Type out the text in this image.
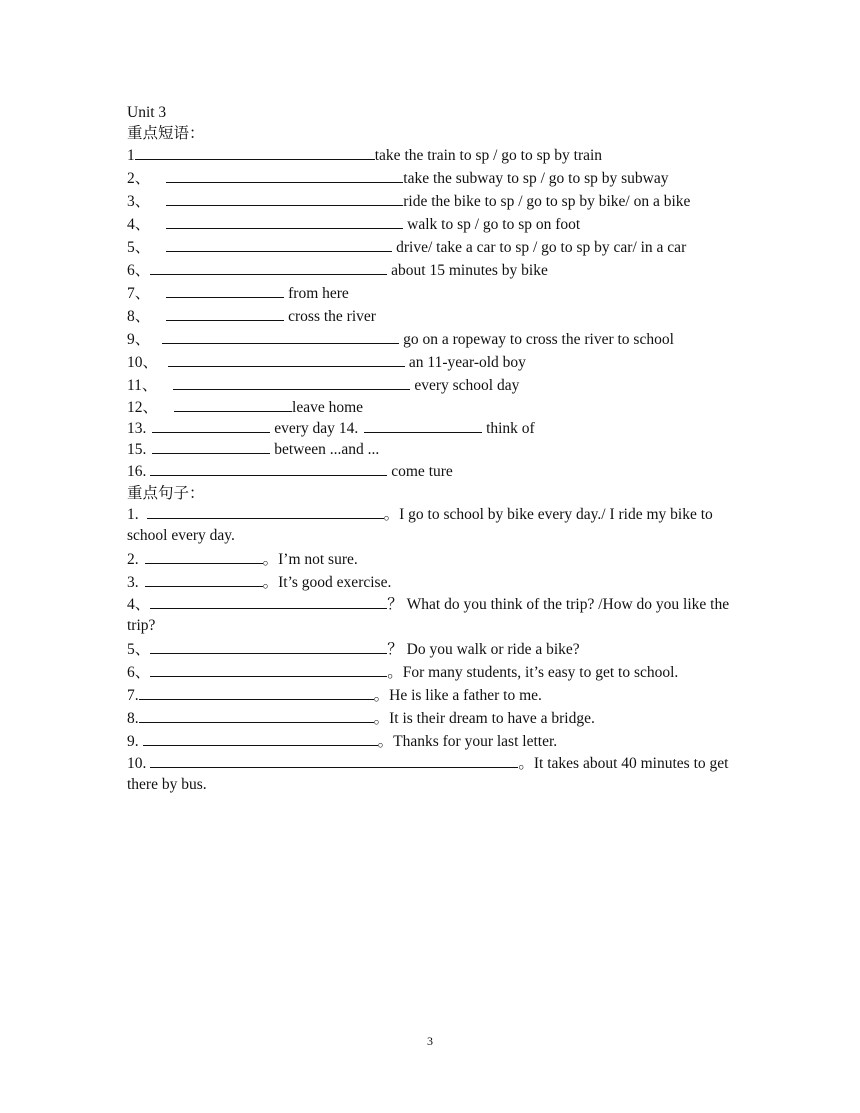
Unit 3
重点短语：
1	take the train to sp / go to sp by train
2、	take the subway to sp / go to sp by subway
3、	ride the bike to sp / go to sp by bike/ on a bike
4、	walk to sp / go to sp on foot
5、	drive/ take a car to sp / go to sp by car/ in a car
6、	about 15 minutes by bike
7、	from here
8、	cross the river
9、	go on a ropeway to cross the river to school
10、	an 11-year-old boy
11、	every school day
12、	leave home
13.	every day 14.	think of
15.	between ...and ...
16.	come ture
重点句子：
1.	。I go to school by bike every day./ I ride my bike to school every day.
2.	。I’m not sure.
3.	。It’s good exercise.
4、	？ What do you think of the trip? /How do you like the trip?
5、	？ Do you walk or ride a bike?
6、	。For many students, it’s easy to get to school.
7.	。He is like a father to me.
8.	。It is their dream to have a bridge.
9.	。Thanks for your last letter.
10.	。It takes about 40 minutes to get there by bus.
3
